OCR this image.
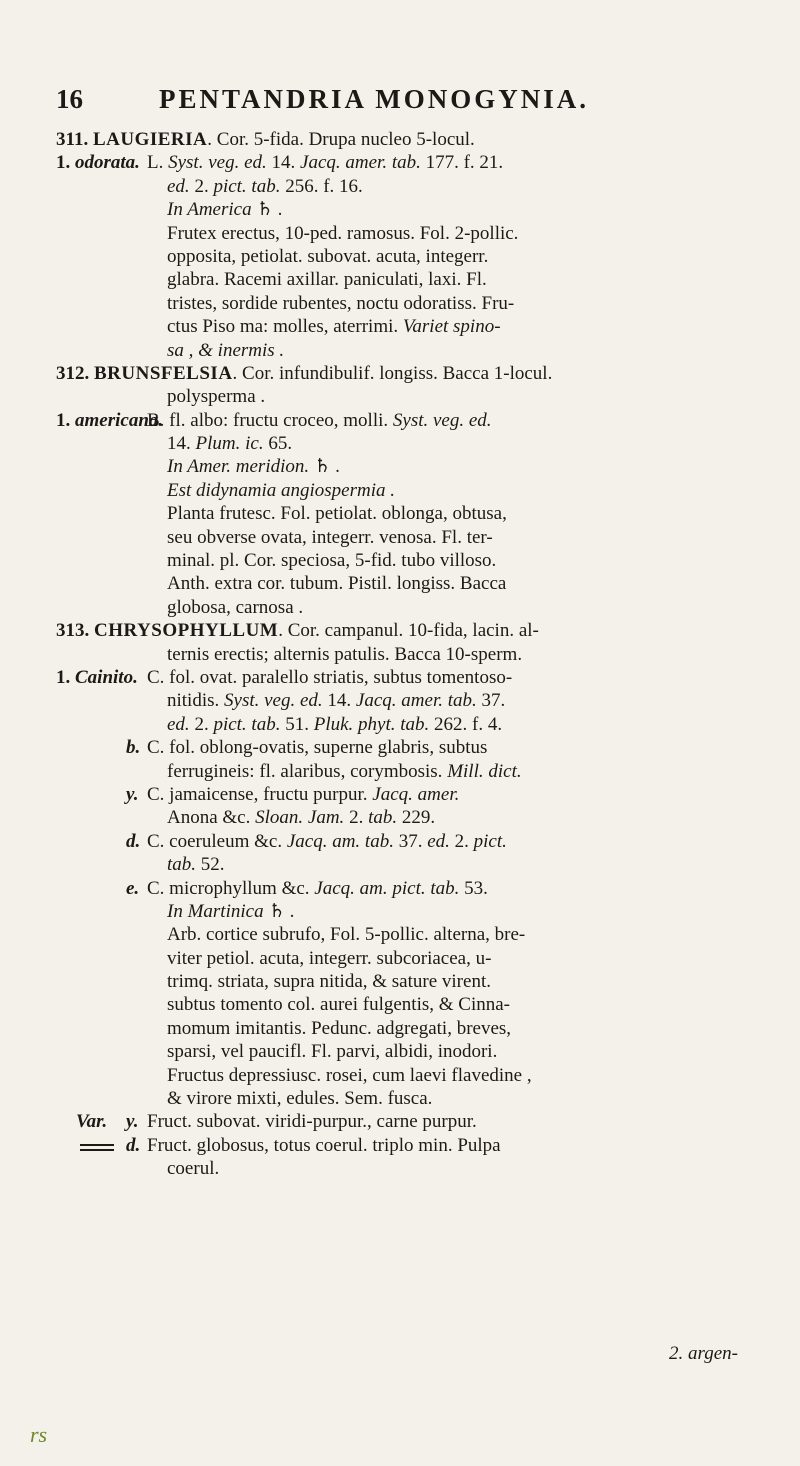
16	PENTANDRIA MONOGYNIA.
311. LAUGIERIA. Cor. 5-fida. Drupa nucleo 5-locul.
1. odorata. L. Syst. veg. ed. 14. Jacq. amer. tab. 177. f. 21.
ed. 2. pict. tab. 256. f. 16.
In America ♄ .
Frutex erectus, 10-ped. ramosus. Fol. 2-pollic.
opposita, petiolat. subovat. acuta, integerr.
glabra. Racemi axillar. paniculati, laxi. Fl.
tristes, sordide rubentes, noctu odoratiss. Fru-
ctus Piso ma: molles, aterrimi. Variet spino-
sa , & inermis .
312. BRUNSFELSIA. Cor. infundibulif. longiss. Bacca 1-locul.
polysperma .
1. americana.
B. fl. albo: fructu croceo, molli. Syst. veg. ed.
14. Plum. ic. 65.
In Amer. meridion. ♄ .
Est didynamia angiospermia .
Planta frutesc. Fol. petiolat. oblonga, obtusa,
seu obverse ovata, integerr. venosa. Fl. ter-
minal. pl. Cor. speciosa, 5-fid. tubo villoso.
Anth. extra cor. tubum. Pistil. longiss. Bacca
globosa, carnosa .
313. CHRYSOPHYLLUM. Cor. campanul. 10-fida, lacin. al-
ternis erectis; alternis patulis. Bacca 10-sperm.
1. Cainito. C. fol. ovat. paralello striatis, subtus tomentoso-
nitidis. Syst. veg. ed. 14. Jacq. amer. tab. 37.
ed. 2. pict. tab. 51. Pluk. phyt. tab. 262. f. 4.
b. C. fol. oblong-ovatis, superne glabris, subtus
ferrugineis: fl. alaribus, corymbosis. Mill. dict.
y. C. jamaicense, fructu purpur. Jacq. amer.
Anona &c. Sloan. Jam. 2. tab. 229.
d. C. coeruleum &c. Jacq. am. tab. 37. ed. 2. pict.
tab. 52.
e. C. microphyllum &c. Jacq. am. pict. tab. 53.
In Martinica ♄ .
Arb. cortice subrufo, Fol. 5-pollic. alterna, bre-
viter petiol. acuta, integerr. subcoriacea, u-
trimq. striata, supra nitida, & sature virent.
subtus tomento col. aurei fulgentis, & Cinna-
momum imitantis. Pedunc. adgregati, breves,
sparsi, vel paucifl. Fl. parvi, albidi, inodori.
Fructus depressiusc. rosei, cum laevi flavedine ,
& virore mixti, edules. Sem. fusca.
Var. y. Fruct. subovat. viridi-purpur., carne purpur.
d. Fruct. globosus, totus coerul. triplo min. Pulpa
coerul.
2. argen-
rs
